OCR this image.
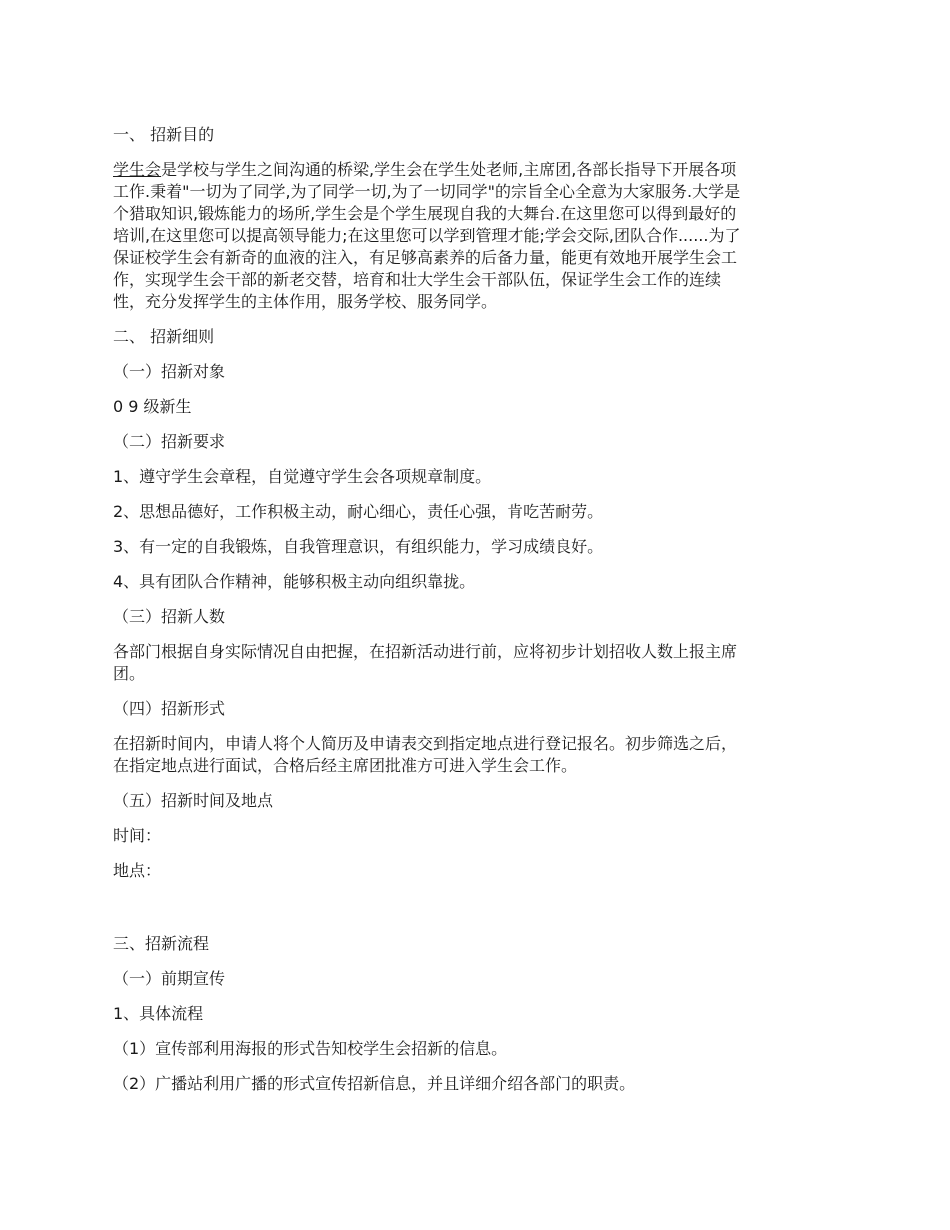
一、 招新目的
学生会是学校与学生之间沟通的桥梁,学生会在学生处老师,主席团,各部长指导下开展各项
工作.秉着"一切为了同学,为了同学一切,为了一切同学"的宗旨全心全意为大家服务.大学是
个猎取知识,锻炼能力的场所,学生会是个学生展现自我的大舞台.在这里您可以得到最好的
培训,在这里您可以提高领导能力;在这里您可以学到管理才能;学会交际,团队合作......为了
保证校学生会有新奇的血液的注入，有足够高素养的后备力量，能更有效地开展学生会工
作，实现学生会干部的新老交替，培育和壮大学生会干部队伍，保证学生会工作的连续
性，充分发挥学生的主体作用，服务学校、服务同学。
二、 招新细则
（一）招新对象
0 9 级新生
（二）招新要求
1、遵守学生会章程，自觉遵守学生会各项规章制度。
2、思想品德好，工作积极主动，耐心细心，责任心强，肯吃苦耐劳。
3、有一定的自我锻炼，自我管理意识，有组织能力，学习成绩良好。
4、具有团队合作精神，能够积极主动向组织靠拢。
（三）招新人数
各部门根据自身实际情况自由把握，在招新活动进行前，应将初步计划招收人数上报主席
团。
（四）招新形式
在招新时间内，申请人将个人简历及申请表交到指定地点进行登记报名。初步筛选之后，
在指定地点进行面试，合格后经主席团批准方可进入学生会工作。
（五）招新时间及地点
时间：
地点：
三、招新流程
（一）前期宣传
1、具体流程
（1）宣传部利用海报的形式告知校学生会招新的信息。
（2）广播站利用广播的形式宣传招新信息，并且详细介绍各部门的职责。
